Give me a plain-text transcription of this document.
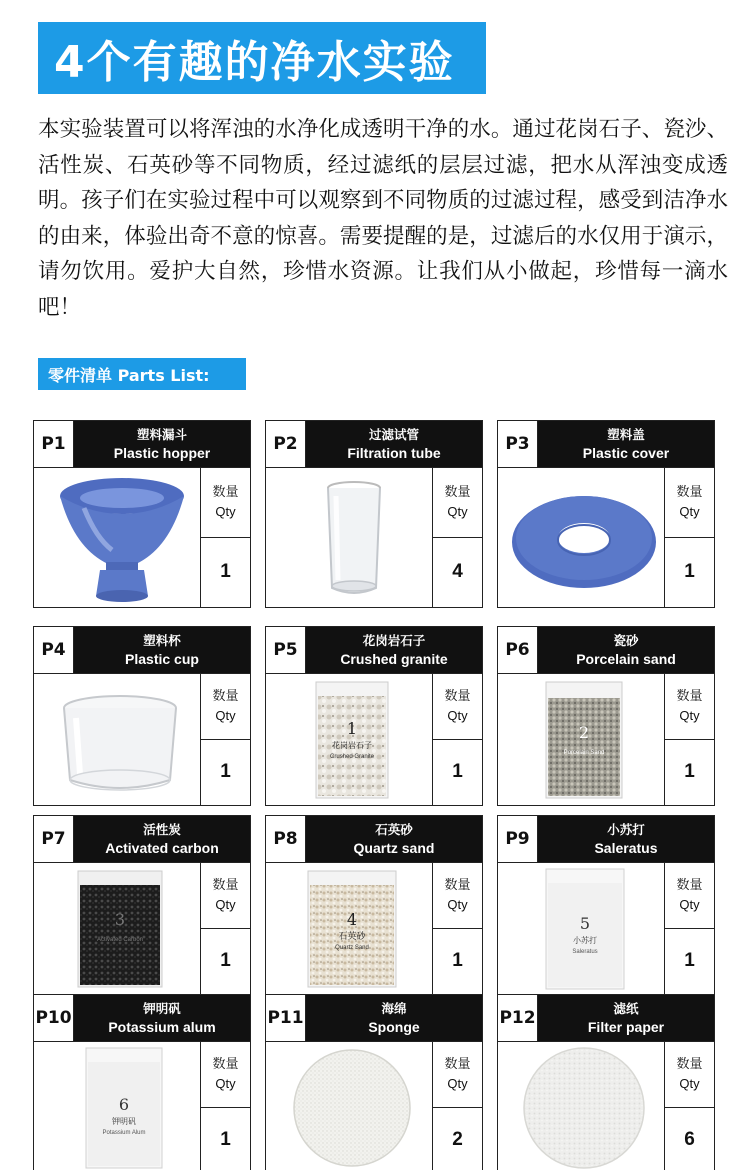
4个有趣的净水实验

本实验装置可以将浑浊的水净化成透明干净的水。通过花岗石子、瓷沙、活性炭、石英砂等不同物质，经过滤纸的层层过滤，把水从浑浊变成透明。孩子们在实验过程中可以观察到不同物质的过滤过程，感受到洁净水的由来，体验出奇不意的惊喜。需要提醒的是，过滤后的水仅用于演示，请勿饮用。爱护大自然，珍惜水资源。让我们从小做起，珍惜每一滴水吧！

零件清单 Parts List:
P1	塑料漏斗
Plastic hopper
数量
Qty
1
P2	过滤试管
Filtration tube
数量
Qty
4
P3	塑料盖
Plastic cover
数量
Qty
1
P4	塑料杯
Plastic cup
数量
Qty
1
P5	花岗岩石子
Crushed granite
1
花岗岩石子
Crushed Granite
数量
Qty
1
P6	瓷砂
Porcelain sand
2
Porcelain Sand
数量
Qty
1
P7	活性炭
Activated carbon
3
Activated Carbon
数量
Qty
1
P8	石英砂
Quartz sand
4
石英砂
Quartz Sand
数量
Qty
1
P9	小苏打
Saleratus
5
小苏打
Saleratus
数量
Qty
1
P10	钾明矾
Potassium alum
6
钾明矾
Potassium Alum
数量
Qty
1
P11	海绵
Sponge
数量
Qty
2
P12	滤纸
Filter paper
数量
Qty
6
